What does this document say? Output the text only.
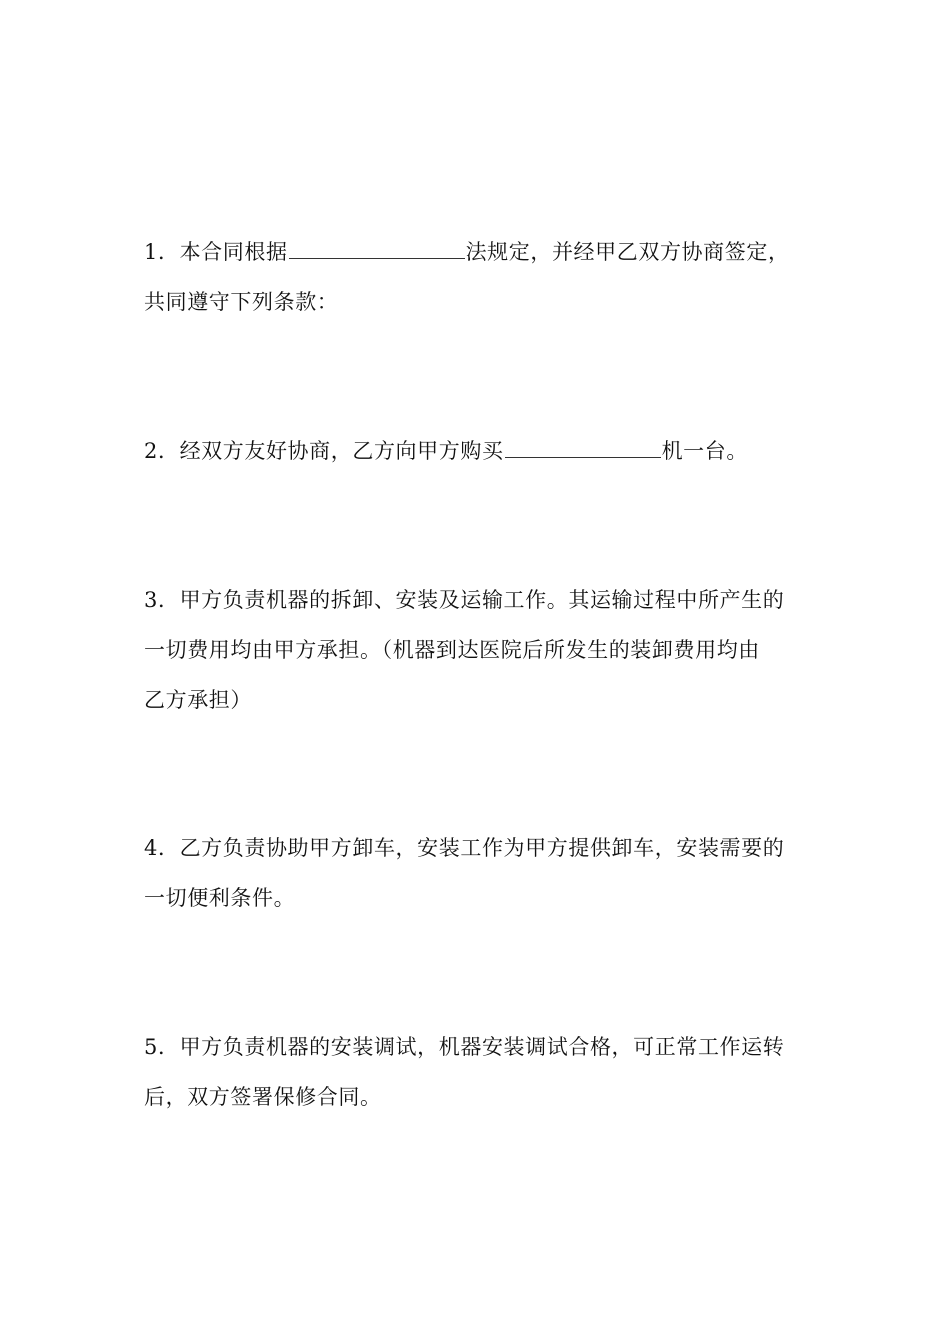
1．本合同根据	法规定，并经甲乙双方协商签定，
共同遵守下列条款：

2．经双方友好协商，乙方向甲方购买	机一台。

3．甲方负责机器的拆卸、安装及运输工作。其运输过程中所产生的
一切费用均由甲方承担。（机器到达医院后所发生的装卸费用均由
乙方承担）

4．乙方负责协助甲方卸车，安装工作为甲方提供卸车，安装需要的
一切便利条件。

5．甲方负责机器的安装调试，机器安装调试合格，可正常工作运转
后，双方签署保修合同。
